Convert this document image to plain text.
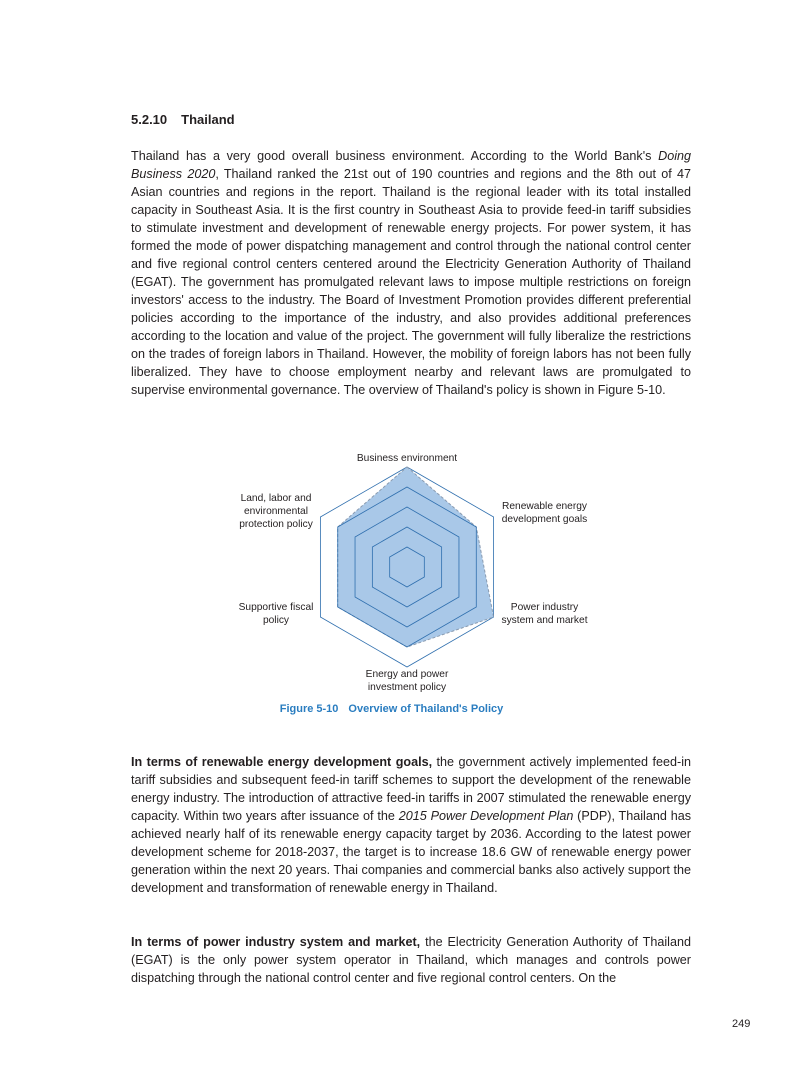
5.2.10 Thailand
Thailand has a very good overall business environment. According to the World Bank's Doing Business 2020, Thailand ranked the 21st out of 190 countries and regions and the 8th out of 47 Asian countries and regions in the report. Thailand is the regional leader with its total installed capacity in Southeast Asia. It is the first country in Southeast Asia to provide feed-in tariff subsidies to stimulate investment and development of renewable energy projects. For power system, it has formed the mode of power dispatching management and control through the national control center and five regional control centers centered around the Electricity Generation Authority of Thailand (EGAT). The government has promulgated relevant laws to impose multiple restrictions on foreign investors' access to the industry. The Board of Investment Promotion provides different preferential policies according to the importance of the industry, and also provides additional preferences according to the location and value of the project. The government will fully liberalize the restrictions on the trades of foreign labors in Thailand. However, the mobility of foreign labors has not been fully liberalized. They have to choose employment nearby and relevant laws are promulgated to supervise environmental governance. The overview of Thailand's policy is shown in Figure 5-10.
Business environment
Renewable energy
development goals
Power industry
system and market
Energy and power
investment policy
Supportive fiscal
policy
Land, labor and
environmental
protection policy
Figure 5-10 Overview of Thailand's Policy
In terms of renewable energy development goals, the government actively implemented feed-in tariff subsidies and subsequent feed-in tariff schemes to support the development of the renewable energy industry. The introduction of attractive feed-in tariffs in 2007 stimulated the renewable energy capacity. Within two years after issuance of the 2015 Power Development Plan (PDP), Thailand has achieved nearly half of its renewable energy capacity target by 2036. According to the latest power development scheme for 2018-2037, the target is to increase 18.6 GW of renewable energy power generation within the next 20 years. Thai companies and commercial banks also actively support the development and transformation of renewable energy in Thailand.
In terms of power industry system and market, the Electricity Generation Authority of Thailand (EGAT) is the only power system operator in Thailand, which manages and controls power dispatching through the national control center and five regional control centers. On the
249
